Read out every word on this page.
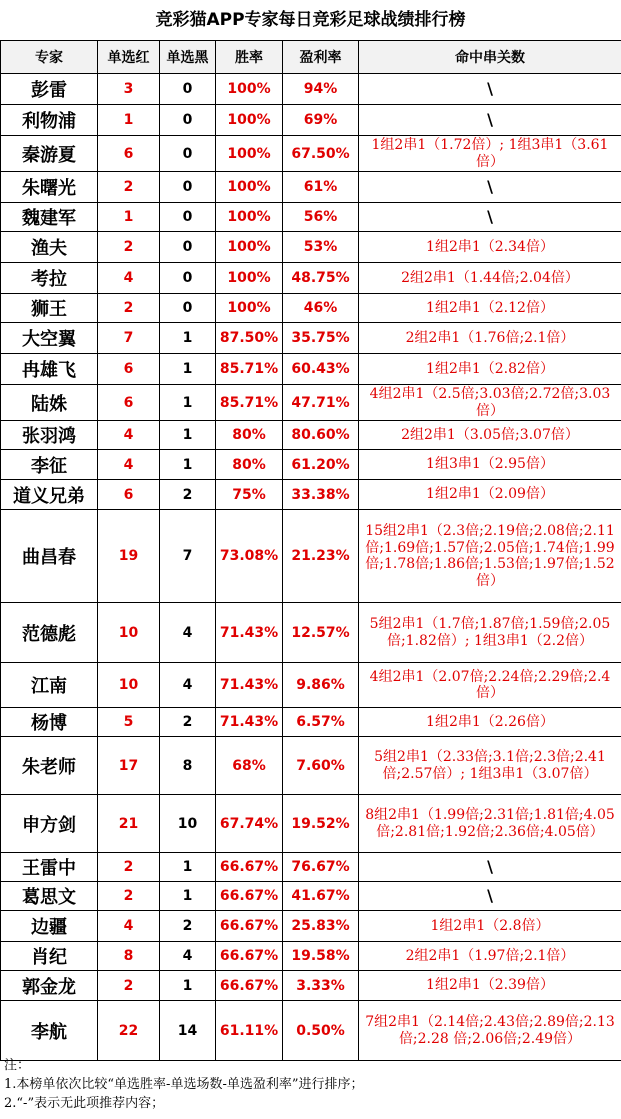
竞彩猫APP专家每日竞彩足球战绩排行榜
专家	单选红	单选黑	胜率	盈利率	命中串关数
彭雷	3	0	100%	94%	\
利物浦	1	0	100%	69%	\
秦游夏	6	0	100%	67.50%	1组2串1（1.72倍）; 1组3串1（3.61倍）
朱曙光	2	0	100%	61%	\
魏建军	1	0	100%	56%	\
渔夫	2	0	100%	53%	1组2串1（2.34倍）
考拉	4	0	100%	48.75%	2组2串1（1.44倍;2.04倍）
狮王	2	0	100%	46%	1组2串1（2.12倍）
大空翼	7	1	87.50%	35.75%	2组2串1（1.76倍;2.1倍）
冉雄飞	6	1	85.71%	60.43%	1组2串1（2.82倍）
陆姝	6	1	85.71%	47.71%	4组2串1（2.5倍;3.03倍;2.72倍;3.03倍）
张羽鸿	4	1	80%	80.60%	2组2串1（3.05倍;3.07倍）
李征	4	1	80%	61.20%	1组3串1（2.95倍）
道义兄弟	6	2	75%	33.38%	1组2串1（2.09倍）
曲昌春	19	7	73.08%	21.23%	15组2串1（2.3倍;2.19倍;2.08倍;2.11倍;1.69倍;1.57倍;2.05倍;1.74倍;1.99倍;1.78倍;1.86倍;1.53倍;1.97倍;1.52倍）
范德彪	10	4	71.43%	12.57%	5组2串1（1.7倍;1.87倍;1.59倍;2.05倍;1.82倍）; 1组3串1（2.2倍）
江南	10	4	71.43%	9.86%	4组2串1（2.07倍;2.24倍;2.29倍;2.4倍）
杨博	5	2	71.43%	6.57%	1组2串1（2.26倍）
朱老师	17	8	68%	7.60%	5组2串1（2.33倍;3.1倍;2.3倍;2.41倍;2.57倍）; 1组3串1（3.07倍）
申方剑	21	10	67.74%	19.52%	8组2串1（1.99倍;2.31倍;1.81倍;4.05倍;2.81倍;1.92倍;2.36倍;4.05倍）
王雷中	2	1	66.67%	76.67%	\
葛思文	2	1	66.67%	41.67%	\
边疆	4	2	66.67%	25.83%	1组2串1（2.8倍）
肖纪	8	4	66.67%	19.58%	2组2串1（1.97倍;2.1倍）
郭金龙	2	1	66.67%	3.33%	1组2串1（2.39倍）
李航	22	14	61.11%	0.50%	7组2串1（2.14倍;2.43倍;2.89倍;2.13倍;2.28 倍;2.06倍;2.49倍）
注：
1.本榜单依次比较“单选胜率-单选场数-单选盈利率”进行排序；
2.“-”表示无此项推荐内容；
